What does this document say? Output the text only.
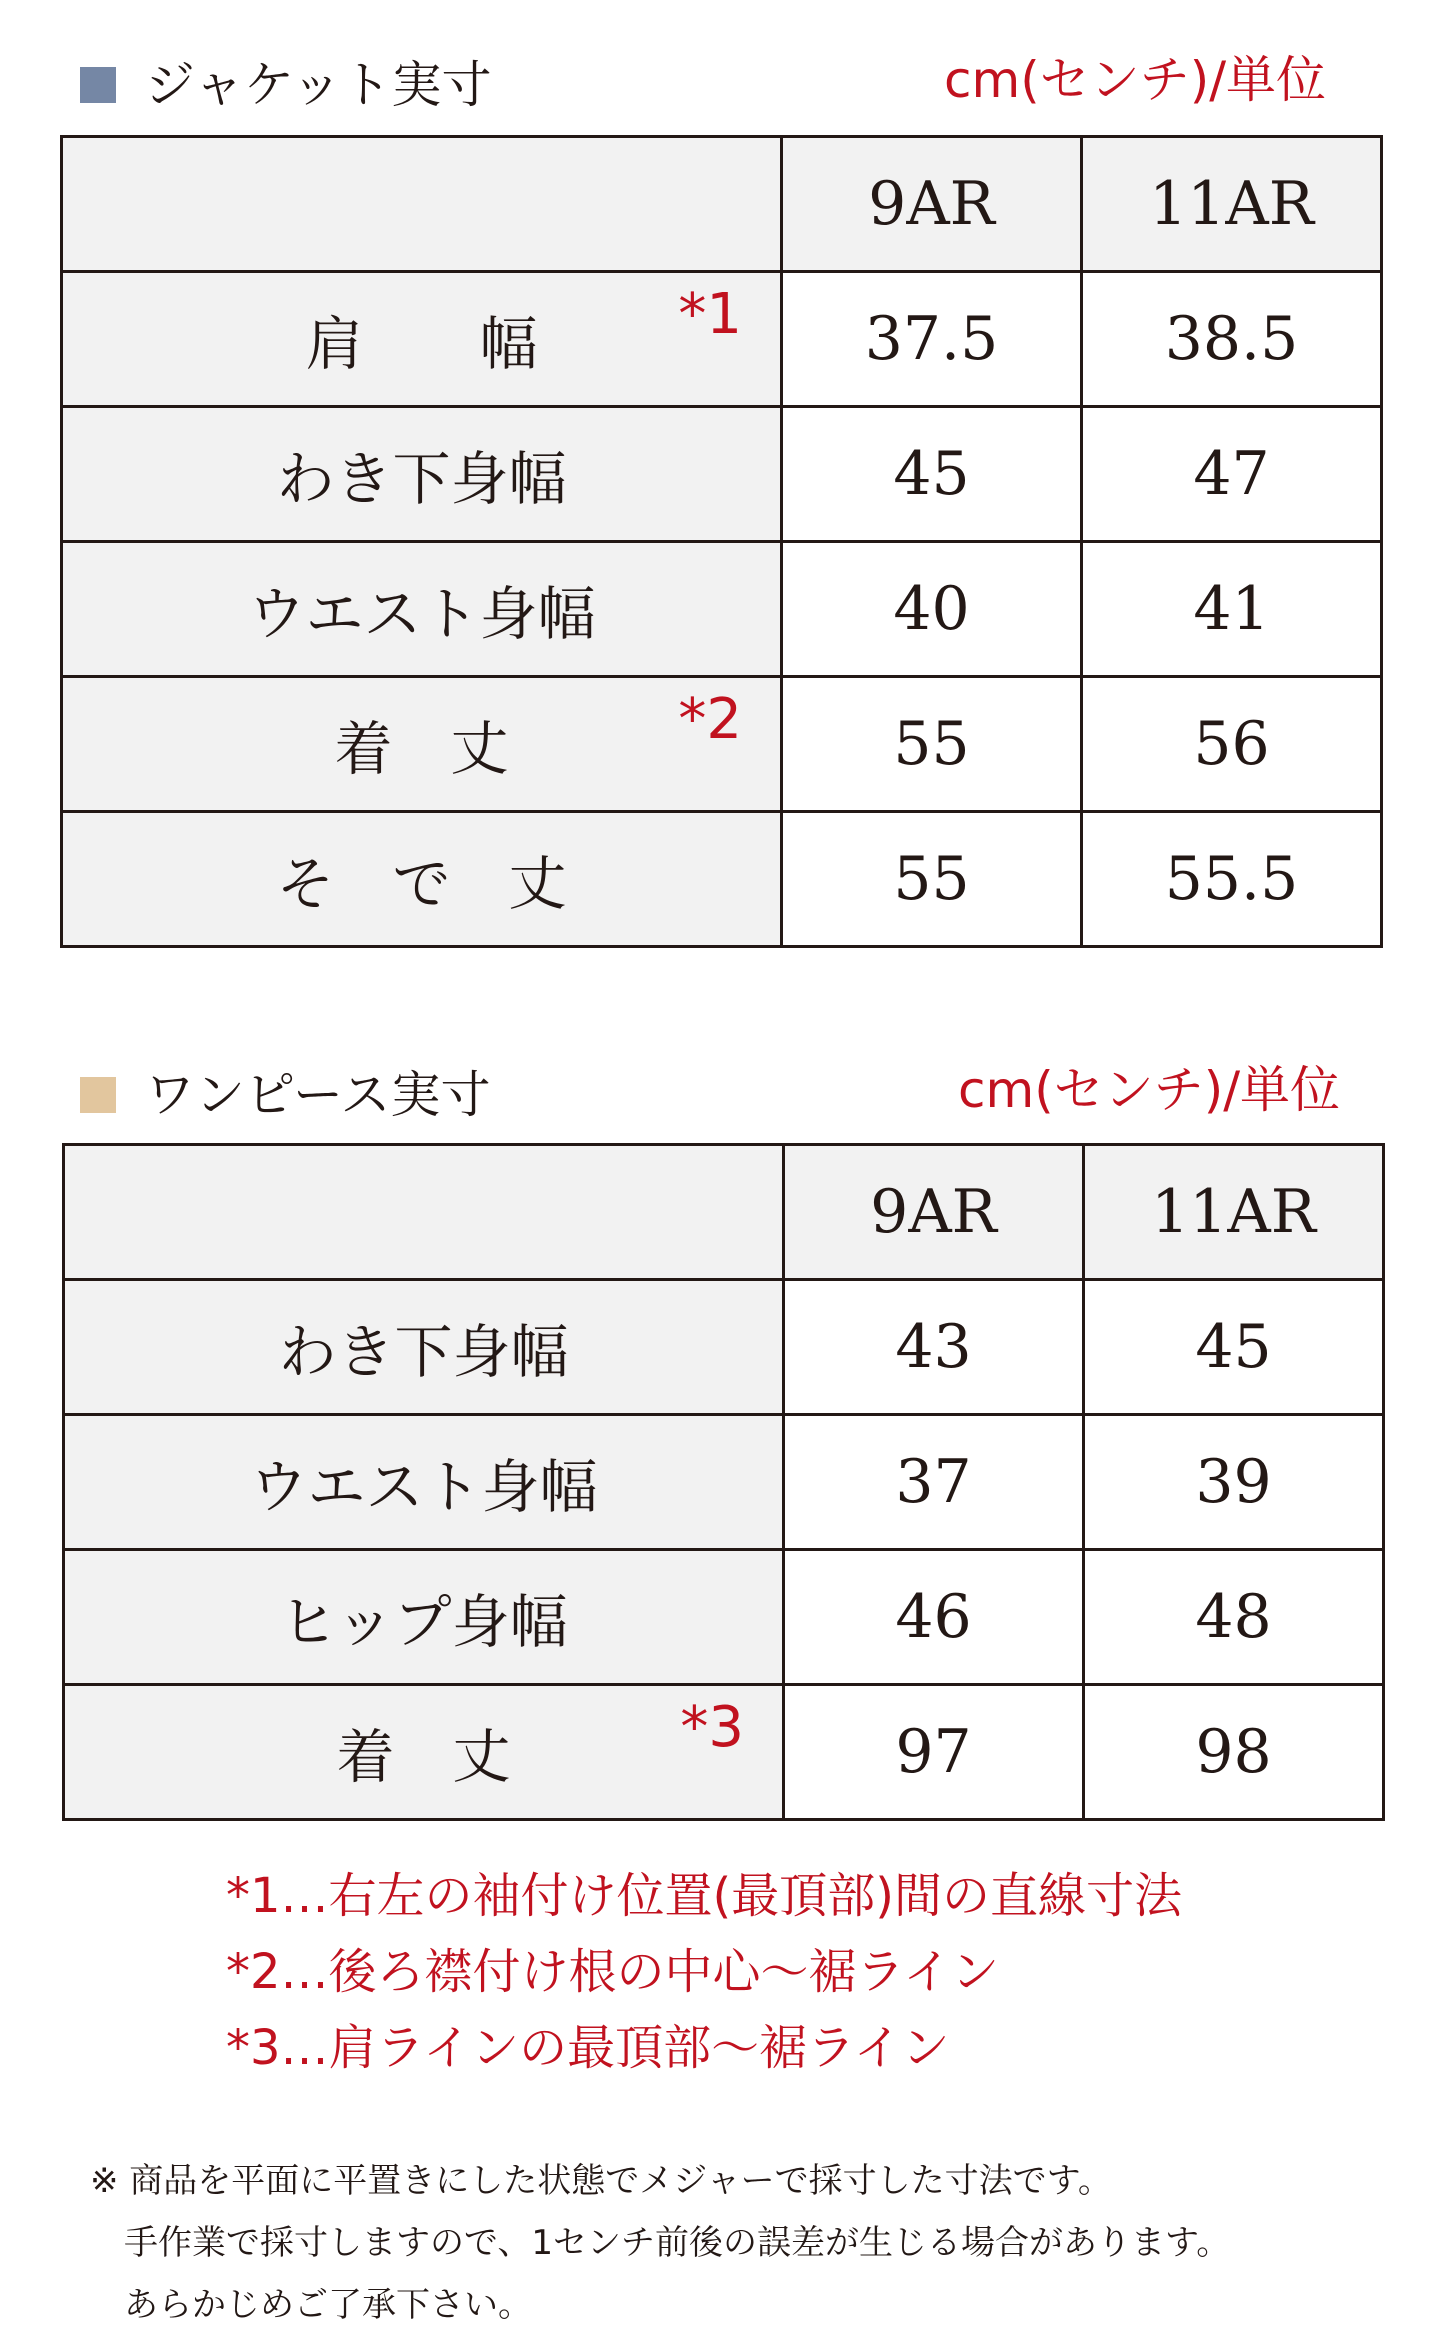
ジャケット実寸	cm(センチ)/単位
	9AR	11AR

肩　　幅 *1	37.5	38.5

わき下身幅	45	47

ウエスト身幅	40	41

着　丈 *2	55	56

そ　で　丈	55	55.5
ワンピース実寸	cm(センチ)/単位
	9AR	11AR

わき下身幅	43	45

ウエスト身幅	37	39

ヒップ身幅	46	48

着　丈 *3	97	98
*1…右左の袖付け位置(最頂部)間の直線寸法
*2…後ろ襟付け根の中心〜裾ライン
*3…肩ラインの最頂部〜裾ライン
※ 商品を平面に平置きにした状態でメジャーで採寸した寸法です。
　手作業で採寸しますので、1センチ前後の誤差が生じる場合があります。
　あらかじめご了承下さい。
